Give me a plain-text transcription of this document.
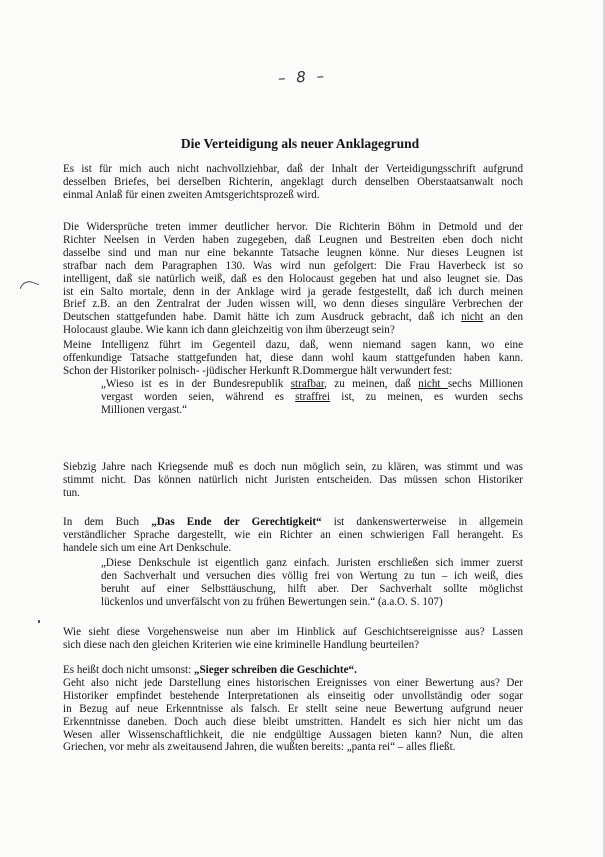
– 8 –
Die Verteidigung als neuer Anklagegrund

Es ist für mich auch nicht nachvollziehbar, daß der Inhalt der Verteidigungsschrift aufgrund
desselben Briefes, bei derselben Richterin, angeklagt durch denselben Oberstaatsanwalt noch
einmal Anlaß für einen zweiten Amtsgerichtsprozeß wird.

Die Widersprüche treten immer deutlicher hervor. Die Richterin Böhm in Detmold und der
Richter Neelsen in Verden haben zugegeben, daß Leugnen und Bestreiten eben doch nicht
dasselbe sind und man nur eine bekannte Tatsache leugnen könne. Nur dieses Leugnen ist
strafbar nach dem Paragraphen 130. Was wird nun gefolgert: Die Frau Haverbeck ist so
intelligent, daß sie natürlich weiß, daß es den Holocaust gegeben hat und also leugnet sie. Das
ist ein Salto mortale, denn in der Anklage wird ja gerade festgestellt, daß ich durch meinen
Brief z.B. an den Zentralrat der Juden wissen will, wo denn dieses singuläre Verbrechen der
Deutschen stattgefunden habe. Damit hätte ich zum Ausdruck gebracht, daß ich nicht an den
Holocaust glaube. Wie kann ich dann gleichzeitig von ihm überzeugt sein?

Meine Intelligenz führt im Gegenteil dazu, daß, wenn niemand sagen kann, wo eine
offenkundige Tatsache stattgefunden hat, diese dann wohl kaum stattgefunden haben kann.
Schon der Historiker polnisch- -jüdischer Herkunft R.Dommergue hält verwundert fest:

„Wieso ist es in der Bundesrepublik strafbar, zu meinen, daß nicht sechs Millionen
vergast worden seien, während es straffrei ist, zu meinen, es wurden sechs
Millionen vergast.“

Siebzig Jahre nach Kriegsende muß es doch nun möglich sein, zu klären, was stimmt und was
stimmt nicht. Das können natürlich nicht Juristen entscheiden. Das müssen schon Historiker
tun.

In dem Buch „Das Ende der Gerechtigkeit“ ist dankenswerterweise in allgemein
verständlicher Sprache dargestellt, wie ein Richter an einen schwierigen Fall herangeht. Es
handele sich um eine Art Denkschule.

„Diese Denkschule ist eigentlich ganz einfach. Juristen erschließen sich immer zuerst
den Sachverhalt und versuchen dies völlig frei von Wertung zu tun – ich weiß, dies
beruht auf einer Selbsttäuschung, hilft aber. Der Sachverhalt sollte möglichst
lückenlos und unverfälscht von zu frühen Bewertungen sein.“ (a.a.O. S. 107)

Wie sieht diese Vorgehensweise nun aber im Hinblick auf Geschichtsereignisse aus? Lassen
sich diese nach den gleichen Kriterien wie eine kriminelle Handlung beurteilen?

Es heißt doch nicht umsonst: „Sieger schreiben die Geschichte“.
Geht also nicht jede Darstellung eines historischen Ereignisses von einer Bewertung aus? Der
Historiker empfindet bestehende Interpretationen als einseitig oder unvollständig oder sogar
in Bezug auf neue Erkenntnisse als falsch. Er stellt seine neue Bewertung aufgrund neuer
Erkenntnisse daneben. Doch auch diese bleibt umstritten. Handelt es sich hier nicht um das
Wesen aller Wissenschaftlichkeit, die nie endgültige Aussagen bieten kann? Nun, die alten
Griechen, vor mehr als zweitausend Jahren, die wußten bereits: „panta rei“ – alles fließt.
